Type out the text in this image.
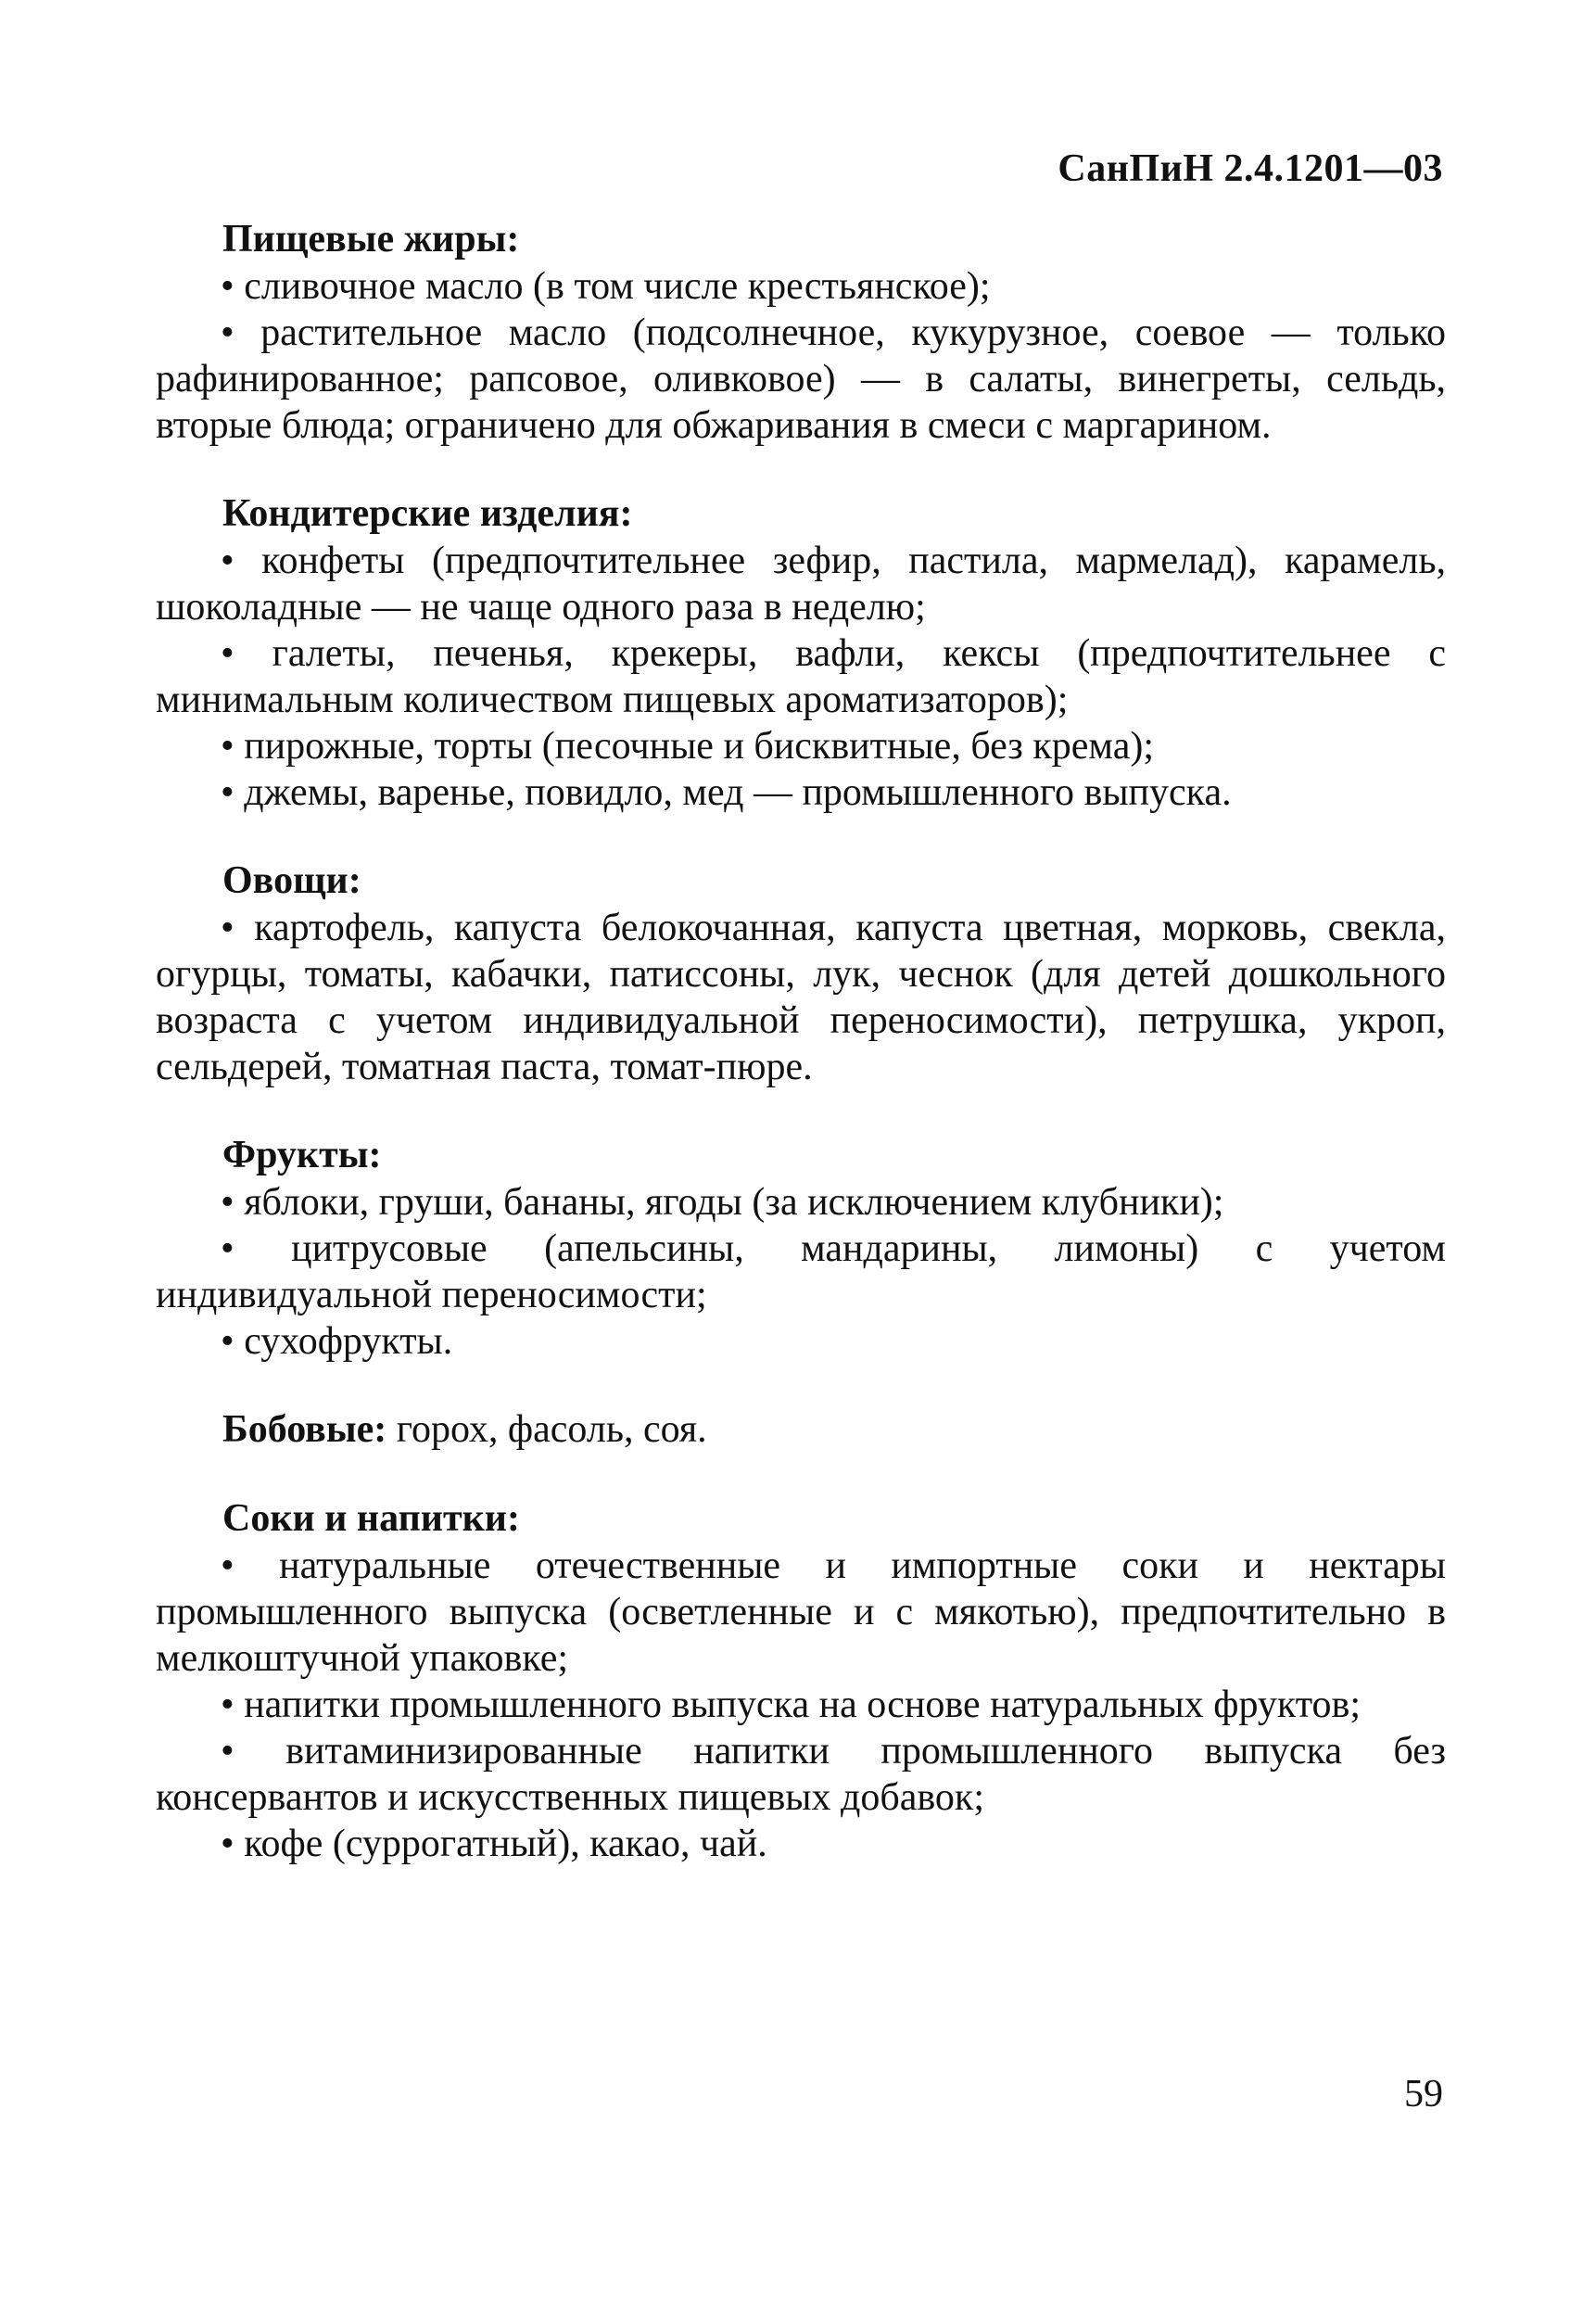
СанПиН 2.4.1201—03
Пищевые жиры:
• сливочное масло (в том числе крестьянское);
• растительное масло (подсолнечное, кукурузное, соевое — только рафинированное; рапсовое, оливковое) — в салаты, винегреты, сельдь, вторые блюда; ограничено для обжаривания в смеси с маргарином.
Кондитерские изделия:
• конфеты (предпочтительнее зефир, пастила, мармелад), карамель, шоколадные — не чаще одного раза в неделю;
• галеты, печенья, крекеры, вафли, кексы (предпочтительнее с минимальным количеством пищевых ароматизаторов);
• пирожные, торты (песочные и бисквитные, без крема);
• джемы, варенье, повидло, мед — промышленного выпуска.
Овощи:
• картофель, капуста белокочанная, капуста цветная, морковь, свекла, огурцы, томаты, кабачки, патиссоны, лук, чеснок (для детей дошкольного возраста с учетом индивидуальной переносимости), петрушка, укроп, сельдерей, томатная паста, томат-пюре.
Фрукты:
• яблоки, груши, бананы, ягоды (за исключением клубники);
• цитрусовые (апельсины, мандарины, лимоны) с учетом индивидуальной переносимости;
• сухофрукты.
Бобовые: горох, фасоль, соя.
Соки и напитки:
• натуральные отечественные и импортные соки и нектары промышленного выпуска (осветленные и с мякотью), предпочтительно в мелкоштучной упаковке;
• напитки промышленного выпуска на основе натуральных фруктов;
• витаминизированные напитки промышленного выпуска без консервантов и искусственных пищевых добавок;
• кофе (суррогатный), какао, чай.
59
